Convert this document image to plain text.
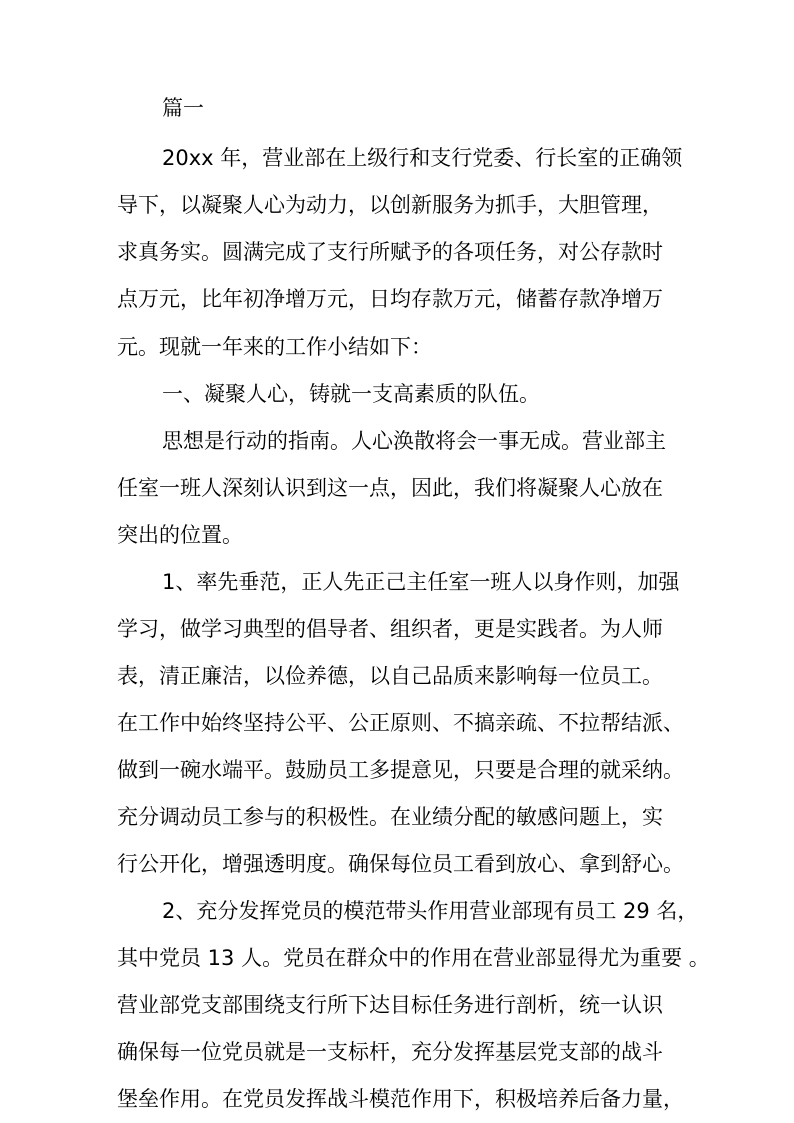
篇一
20xx 年，营业部在上级行和支行党委、行长室的正确领
导下，以凝聚人心为动力，以创新服务为抓手，大胆管理，
求真务实。圆满完成了支行所赋予的各项任务，对公存款时
点万元，比年初净增万元，日均存款万元，储蓄存款净增万
元。现就一年来的工作小结如下：
一、凝聚人心，铸就一支高素质的队伍。
思想是行动的指南。人心涣散将会一事无成。营业部主
任室一班人深刻认识到这一点，因此，我们将凝聚人心放在
突出的位置。
1、率先垂范，正人先正己主任室一班人以身作则，加强
学习，做学习典型的倡导者、组织者，更是实践者。为人师
表，清正廉洁，以俭养德，以自己品质来影响每一位员工。
在工作中始终坚持公平、公正原则、不搞亲疏、不拉帮结派、
做到一碗水端平。鼓励员工多提意见，只要是合理的就采纳。
充分调动员工参与的积极性。在业绩分配的敏感问题上，实
行公开化，增强透明度。确保每位员工看到放心、拿到舒心。
2、充分发挥党员的模范带头作用营业部现有员工 29 名，
其中党员 13 人。党员在群众中的作用在营业部显得尤为重要 。
营业部党支部围绕支行所下达目标任务进行剖析，统一认识
确保每一位党员就是一支标杆，充分发挥基层党支部的战斗
堡垒作用。在党员发挥战斗模范作用下，积极培养后备力量，
